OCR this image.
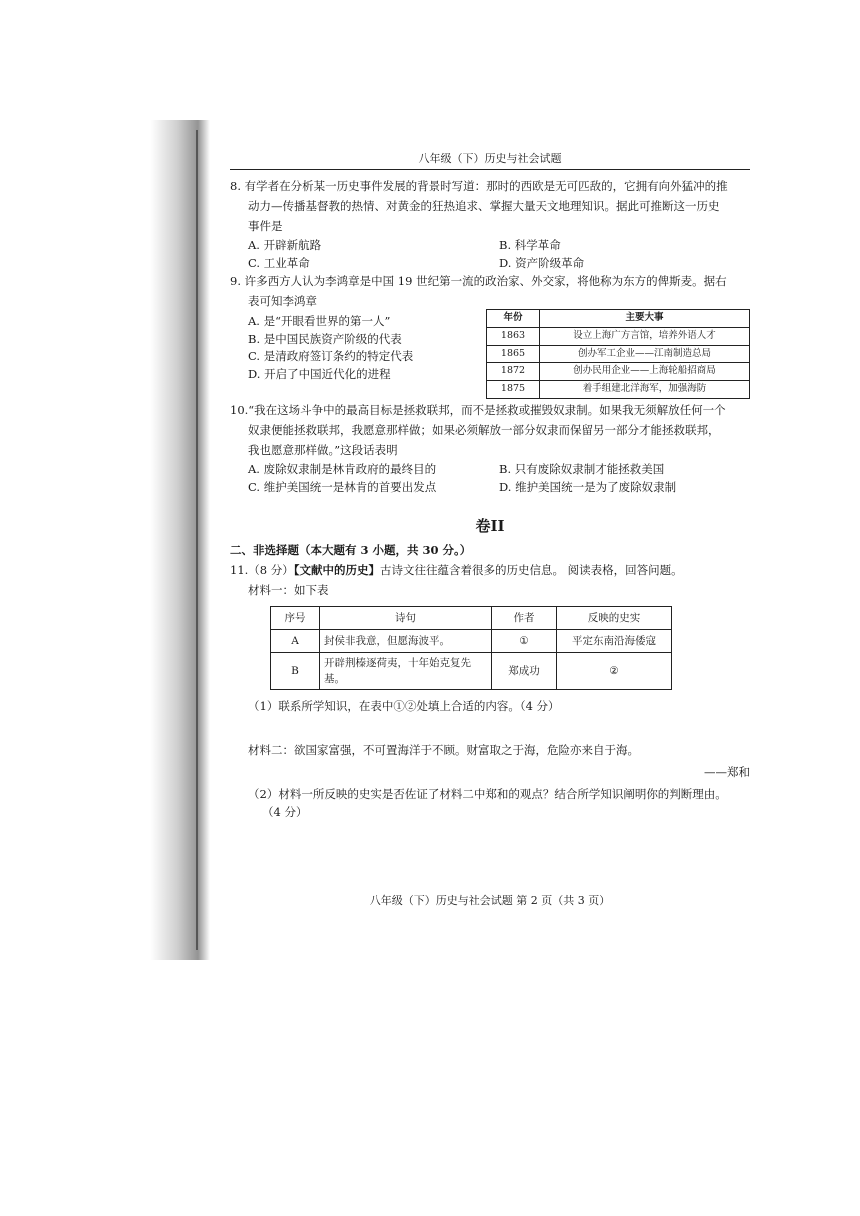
八年级（下）历史与社会试题
8. 有学者在分析某一历史事件发展的背景时写道：那时的西欧是无可匹敌的，它拥有向外猛冲的推
动力—传播基督教的热情、对黄金的狂热追求、掌握大量天文地理知识。据此可推断这一历史
事件是
A. 开辟新航路	B. 科学革命
C. 工业革命	D. 资产阶级革命
9. 许多西方人认为李鸿章是中国 19 世纪第一流的政治家、外交家，将他称为东方的俾斯麦。据右
表可知李鸿章
A. 是“开眼看世界的第一人”
B. 是中国民族资产阶级的代表
C. 是清政府签订条约的特定代表
D. 开启了中国近代化的进程
年份	主要大事
1863	设立上海广方言馆，培养外语人才
1865	创办军工企业——江南制造总局
1872	创办民用企业——上海轮船招商局
1875	着手组建北洋海军，加强海防
10.“我在这场斗争中的最高目标是拯救联邦，而不是拯救或摧毁奴隶制。如果我无须解放任何一个
奴隶便能拯救联邦，我愿意那样做；如果必须解放一部分奴隶而保留另一部分才能拯救联邦，
我也愿意那样做。”这段话表明
A. 废除奴隶制是林肯政府的最终目的	B. 只有废除奴隶制才能拯救美国
C. 维护美国统一是林肯的首要出发点	D. 维护美国统一是为了废除奴隶制
卷II
二、非选择题（本大题有 3 小题，共 30 分。）
11.（8 分）【文献中的历史】古诗文往往蕴含着很多的历史信息。 阅读表格，回答问题。
材料一：如下表
序号	诗句	作者	反映的史实
A	封侯非我意，但愿海波平。	①	平定东南沿海倭寇
B	开辟荆榛逐荷夷，十年始克复先基。	郑成功	②
（1）联系所学知识，在表中①②处填上合适的内容。（4 分）
材料二：欲国家富强，不可置海洋于不顾。财富取之于海，危险亦来自于海。
——郑和
（2）材料一所反映的史实是否佐证了材料二中郑和的观点？结合所学知识阐明你的判断理由。
（4 分）
八年级（下）历史与社会试题 第 2 页（共 3 页）
